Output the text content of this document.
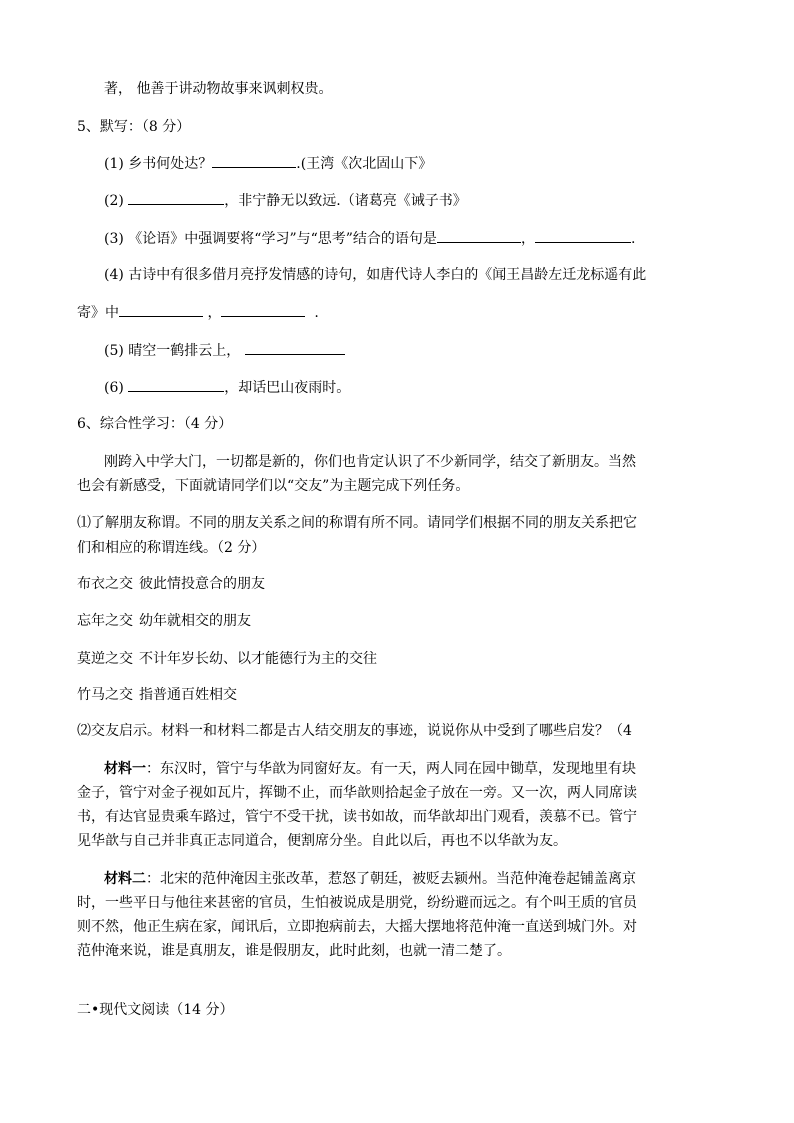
著， 他善于讲动物故事来讽刺权贵。
5、默写：（8 分）
(1) 乡书何处达？	.(王湾《次北固山下》
(2)	，非宁静无以致远.（诸葛亮《诫子书》
(3) 《论语》中强调要将“学习”与“思考”结合的语句是	，	.
(4) 古诗中有很多借月亮抒发情感的诗句，如唐代诗人李白的《闻王昌龄左迁龙标遥有此
寄》中	，	.
(5) 晴空一鹤排云上，
(6)	，却话巴山夜雨时。
6、综合性学习：（4 分）
刚跨入中学大门，一切都是新的，你们也肯定认识了不少新同学，结交了新朋友。当然
也会有新感受，下面就请同学们以“交友”为主题完成下列任务。
⑴了解朋友称谓。不同的朋友关系之间的称谓有所不同。请同学们根据不同的朋友关系把它
们和相应的称谓连线。（2 分）
布衣之交 彼此情投意合的朋友
忘年之交 幼年就相交的朋友
莫逆之交 不计年岁长幼、以才能德行为主的交往
竹马之交 指普通百姓相交
⑵交友启示。材料一和材料二都是古人结交朋友的事迹，说说你从中受到了哪些启发？（4
材料一：东汉时，管宁与华歆为同窗好友。有一天，两人同在园中锄草，发现地里有块
金子，管宁对金子视如瓦片，挥锄不止，而华歆则拾起金子放在一旁。又一次，两人同席读
书，有达官显贵乘车路过，管宁不受干扰，读书如故，而华歆却出门观看，羡慕不已。管宁
见华歆与自己并非真正志同道合，便割席分坐。自此以后，再也不以华歆为友。
材料二：北宋的范仲淹因主张改革，惹怒了朝廷，被贬去颍州。当范仲淹卷起铺盖离京
时，一些平日与他往来甚密的官员，生怕被说成是朋党，纷纷避而远之。有个叫王质的官员
则不然，他正生病在家，闻讯后，立即抱病前去，大摇大摆地将范仲淹一直送到城门外。对
范仲淹来说，谁是真朋友，谁是假朋友，此时此刻，也就一清二楚了。
二•现代文阅读（14 分）
